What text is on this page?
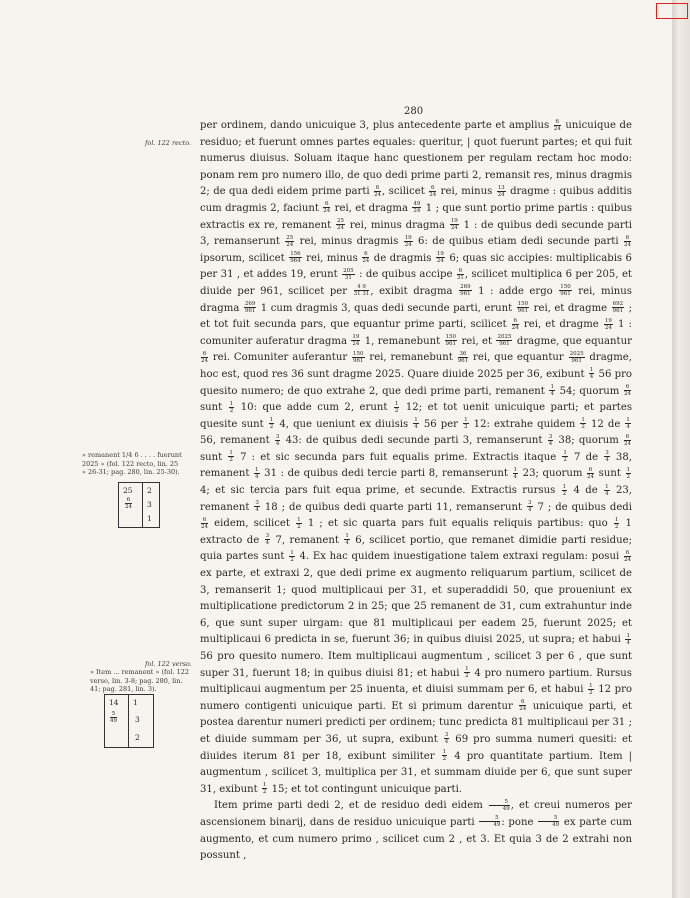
280
fol. 122 recto.
» remanent 1/4 6 . . . . fuerunt
2025 » (fol. 122 recto, lin. 25
» 26-31; pag. 280, lin. 25-30).
25 2
6
24 3
1
fol. 122 verso.
» Item ... remanent » (fol. 122
verso, lin. 3-8; pag. 280, lin.
41; pag. 281, lin. 3).
14 1
5
49 3
2

per ordinem, dando unicuique 3, plus antecedente parte et amplius $\frac{6}{24}$ unicuique de residuo; et fuerunt omnes partes equales: queritur, | quot fuerunt partes; et qui fuit numerus diuisus. Soluam itaque hanc questionem per regulam rectam hoc modo: ponam rem pro numero illo, de quo dedi prime parti 2, remansit res, minus dragmis 2; de qua dedi eidem prime parti $\frac{6}{24}$ , scilicet $\frac{6}{24}$ rei, minus $\frac{13}{24}$ dragme : quibus additis cum dragmis 2, faciunt $\frac{6}{24}$ rei, et dragma $\frac{49}{24} 1$ ; que sunt portio prime partis : quibus extractis ex re, remanent $\frac{25}{24}$ rei, minus dragma $\frac{19}{24} 1$ : de quibus dedi secunde parti 3, remanserunt $\frac{25}{24}$ rei, minus dragmis $\frac{19}{24} 6$: de quibus etiam dedi secunde parti $\frac{6}{24}$
ipsorum, scilicet $\frac{156}{964}$ rei, minus $\frac{6}{24}$ de dragmis $\frac{19}{24} 6$; quas sic accipies: multiplicabis 6 per 31 , et addes 19, erunt $\frac{205}{31}$ : de quibus accipe $\frac{6}{31}$ , scilicet multiplica 6 per 205, et diuide per 961, scilicet per $\frac{4 9}{31 31}$ , exibit dragma $\frac{269}{961} 1$ : adde ergo $\frac{150}{961}$ rei, minus dragma $\frac{269}{961} 1$ cum dragmis 3, quas dedi secunde parti, erunt $\frac{150}{961}$ rei, et dragme $\frac{692}{961}$ ; et tot fuit secunda pars, que equantur prime parti, scilicet $\frac{6}{24}$ rei, et dragme $\frac{19}{24} 1$ : comuniter auferatur dragma $\frac{19}{24} 1$, remanebunt $\frac{150}{961}$ rei, et $\frac{2025}{961}$ dragme, que equantur
$\frac{6}{24}$ rei. Comuniter auferantur $\frac{150}{961}$ rei, remanebunt $\frac{36}{961}$ rei, que equantur $\frac{2025}{961}$ dragme, hoc est, quod res 36 sunt dragme 2025. Quare diuide 2025 per 36, exibunt $\frac{1}{4} 56$ pro quesito numero; de quo extrahe 2, que dedi prime parti, remanent $\frac{1}{4} 54$; quorum $\frac{6}{24}$
sunt $\frac{1}{2} 10$: que adde cum 2, erunt $\frac{1}{2} 12$; et tot uenit unicuique parti; et partes quesite sunt $\frac{1}{2} 4$, que ueniunt ex diuisis $\frac{1}{4} 56$ per $\frac{1}{2} 12$: extrahe quidem $\frac{1}{2} 12$ de $\frac{1}{4}$
56, remanent $\frac{3}{4} 43$: de quibus dedi secunde parti 3, remanserunt $\frac{3}{4} 38$; quorum $\frac{6}{24}$
sunt $\frac{1}{2} 7$ : et sic secunda pars fuit equalis prime. Extractis itaque $\frac{1}{2} 7$ de $\frac{3}{4} 38$, remanent $\frac{1}{4} 31$ : de quibus dedi tercie parti 8, remanserunt $\frac{1}{4} 23$; quorum $\frac{6}{24}$ sunt $\frac{1}{2}$
4; et sic tercia pars fuit equa prime, et secunde. Extractis rursus $\frac{1}{2} 4$ de $\frac{1}{4} 23$, remanent $\frac{3}{4} 18$ ; de quibus dedi quarte parti 11, remanserunt $\frac{3}{4} 7$ ; de quibus dedi
$\frac{6}{24}$ eidem, scilicet $\frac{1}{2} 1$ ; et sic quarta pars fuit equalis reliquis partibus: quo $\frac{1}{2} 1$ extracto de $\frac{3}{4} 7$, remanent $\frac{1}{4} 6$, scilicet portio, que remanet dimidie parti residue; quia partes sunt $\frac{1}{2} 4$. Ex hac quidem inuestigatione talem extraxi regulam: posui $\frac{6}{24}$
ex parte, et extraxi 2, que dedi prime ex augmento reliquarum partium, scilicet de 3, remanserit 1; quod multiplicaui per 31, et superaddidi 50, que proueniunt ex multiplicatione predictorum 2 in 25; que 25 remanent de 31, cum extrahuntur inde 6, que sunt super uirgam: que 81 multiplicaui per eadem 25, fuerunt 2025; et multiplicaui 6 predicta in se, fuerunt 36; in quibus diuisi 2025, ut supra; et habui $\frac{1}{4}$
56 pro quesito numero. Item multiplicaui augmentum , scilicet 3 per 6 , que sunt super 31, fuerunt 18; in quibus diuisi 81; et habui $\frac{1}{2} 4$ pro numero partium. Rursus multiplicaui augmentum per 25 inuenta, et diuisi summam per 6, et habui $\frac{1}{2} 12$ pro numero contigenti unicuique parti. Et si primum darentur $\frac{6}{24}$ unicuique parti, et postea darentur numeri predicti per ordinem; tunc predicta 81 multiplicaui per 31 ; et diuide summam per 36, ut supra, exibunt $\frac{3}{4} 69$ pro summa numeri quesiti: et diuides iterum 81 per 18, exibunt similiter $\frac{1}{2} 4$ pro quantitate partium. Item | augmentum , scilicet 3, multiplica per 31, et summam diuide per 6, que sunt super 31, exibunt $\frac{1}{2} 15$; et tot contingunt unicuique parti.

Item prime parti dedi 2, et de residuo dedi eidem $\frac{5}{49}$ , et creui numeros per ascensionem binarij, dans de residuo unicuique parti $\frac{5}{49}$ : pone $\frac{5}{49}$ ex parte cum augmento, et cum numero primo , scilicet cum 2 , et 3. Et quia 3 de 2 extrahi non possunt ,
